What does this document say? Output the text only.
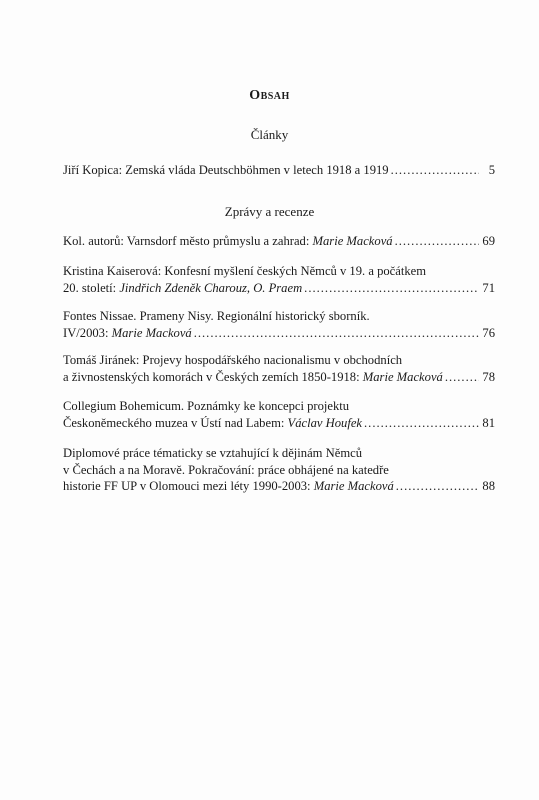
Obsah
Články
Jiří Kopica: Zemská vláda Deutschböhmen v letech 1918 a 1919 .....	5
Zprávy a recenze
Kol. autorů: Varnsdorf město průmyslu a zahrad: Marie Macková .....	69
Kristina Kaiserová: Konfesní myšlení českých Němců v 19. a počátkem
20. století: Jindřich Zdeněk Charouz, O. Praem .....	71
Fontes Nissae. Prameny Nisy. Regionální historický sborník.
IV/2003: Marie Macková .....	76
Tomáš Jiránek: Projevy hospodářského nacionalismu v obchodních
a živnostenských komorách v Českých zemích 1850-1918: Marie Macková .....	78
Collegium Bohemicum. Poznámky ke koncepci projektu
Českoněmeckého muzea v Ústí nad Labem: Václav Houfek .....	81
Diplomové práce tématicky se vztahující k dějinám Němců
v Čechách a na Moravě. Pokračování: práce obhájené na katedře
historie FF UP v Olomouci mezi léty 1990-2003: Marie Macková .....	88
